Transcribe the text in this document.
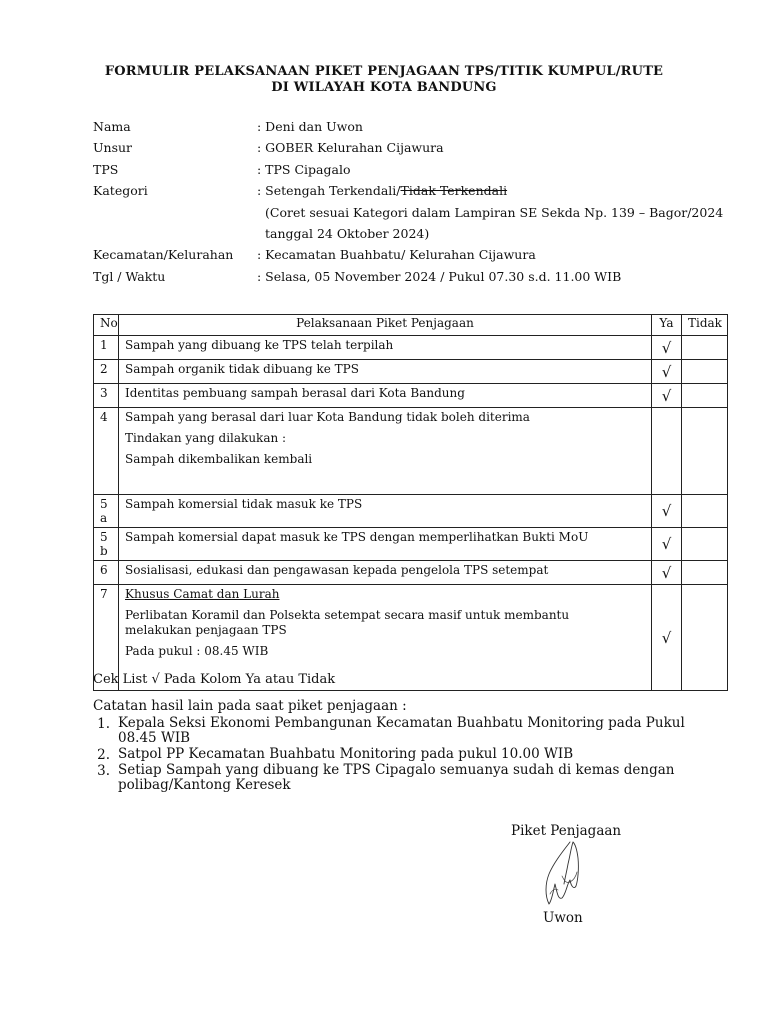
FORMULIR PELAKSANAAN PIKET PENJAGAAN TPS/TITIK KUMPUL/RUTE
DI WILAYAH KOTA BANDUNG
Nama	: Deni dan Uwon
Unsur	: GOBER Kelurahan Cijawura
TPS	: TPS Cipagalo
Kategori	: Setengah Terkendali/Tidak Terkendali
(Coret sesuai Kategori dalam Lampiran SE Sekda Np. 139 – Bagor/2024
tanggal 24 Oktober 2024)
Kecamatan/Kelurahan : Kecamatan Buahbatu/ Kelurahan Cijawura
Tgl / Waktu	: Selasa, 05 November 2024 / Pukul 07.30 s.d. 11.00 WIB
No	Pelaksanaan Piket Penjagaan	Ya	Tidak
1	Sampah yang dibuang ke TPS telah terpilah	√	
2	Sampah organik tidak dibuang ke TPS	√	
3	Identitas pembuang sampah berasal dari Kota Bandung	√	
4	Sampah yang berasal dari luar Kota Bandung tidak boleh diterima
Tindakan yang dilakukan :
Sampah dikembalikan kembali		

5 a	Sampah komersial tidak masuk ke TPS	√	
5 b	Sampah komersial dapat masuk ke TPS dengan memperlihatkan Bukti MoU	√	
6	Sosialisasi, edukasi dan pengawasan kepada pengelola TPS setempat	√	
7	Khusus Camat dan Lurah
Perlibatan Koramil dan Polsekta setempat secara masif untuk membantu
melakukan penjagaan TPS
Pada pukul : 08.45 WIB	√	
Cek List √ Pada Kolom Ya atau Tidak
Catatan hasil lain pada saat piket penjagaan :
1. Kepala Seksi Ekonomi Pembangunan Kecamatan Buahbatu Monitoring pada Pukul
08.45 WIB
2. Satpol PP Kecamatan Buahbatu Monitoring pada pukul 10.00 WIB
3. Setiap Sampah yang dibuang ke TPS Cipagalo semuanya sudah di kemas dengan
polibag/Kantong Keresek
Piket Penjagaan
Uwon
